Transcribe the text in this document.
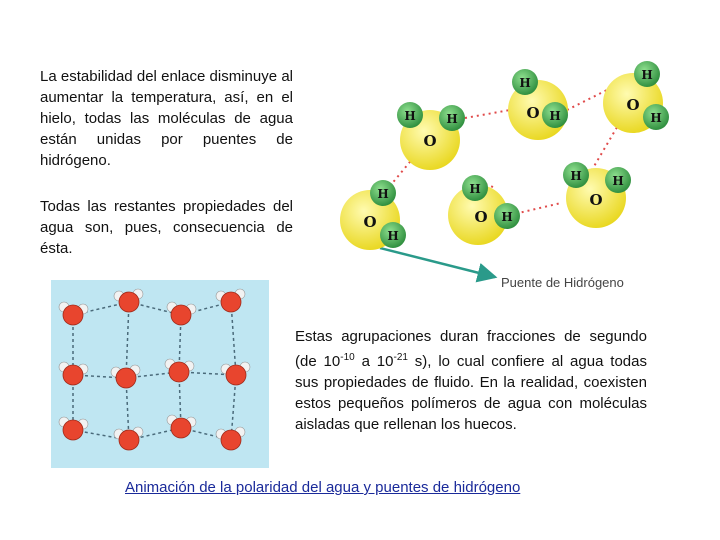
La estabilidad del enlace disminuye al aumentar la temperatura, así, en el hielo, todas las moléculas de agua están unidas por puentes de hidrógeno.
Todas las restantes propiedades del agua son, pues, consecuencia de ésta.
Estas agrupaciones duran fracciones de segundo (de $10^{-10}$ a $10^{-21}$ s), lo cual confiere al agua todas sus propiedades de fluido. En la realidad, coexisten estos pequeños polímeros de agua con moléculas aisladas que rellenan los huecos.
Animación de la polaridad del agua y puentes de hidrógeno
O
H	H	O
H
H
O
H
H
O
H
H
O
H
H
O
H	H
Puente de Hidrógeno
